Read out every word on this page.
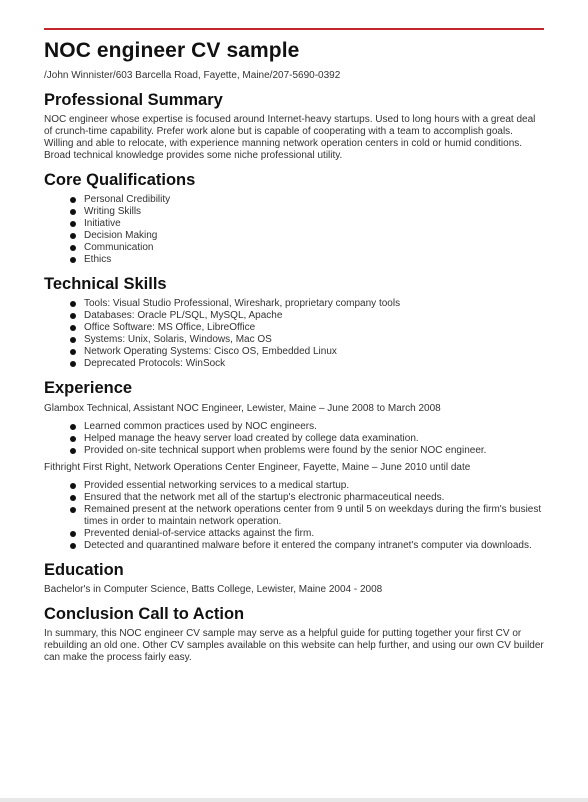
NOC engineer CV sample
/John Winnister/603 Barcella Road, Fayette, Maine/207-5690-0392
Professional Summary

NOC engineer whose expertise is focused around Internet-heavy startups. Used to long hours with a great deal of crunch-time capability. Prefer work alone but is capable of cooperating with a team to accomplish goals. Willing and able to relocate, with experience manning network operation centers in cold or humid conditions. Broad technical knowledge provides some niche professional utility.

Core Qualifications
Personal Credibility
Writing Skills
Initiative
Decision Making
Communication
Ethics
Technical Skills
Tools: Visual Studio Professional, Wireshark, proprietary company tools
Databases: Oracle PL/SQL, MySQL, Apache
Office Software: MS Office, LibreOffice
Systems: Unix, Solaris, Windows, Mac OS
Network Operating Systems: Cisco OS, Embedded Linux
Deprecated Protocols: WinSock
Experience
Glambox Technical, Assistant NOC Engineer, Lewister, Maine – June 2008 to March 2008
Learned common practices used by NOC engineers.
Helped manage the heavy server load created by college data examination.
Provided on-site technical support when problems were found by the senior NOC engineer.
Fithright First Right, Network Operations Center Engineer, Fayette, Maine – June 2010 until date
Provided essential networking services to a medical startup.
Ensured that the network met all of the startup's electronic pharmaceutical needs.
Remained present at the network operations center from 9 until 5 on weekdays during the firm's busiest times in order to maintain network operation.
Prevented denial-of-service attacks against the firm.
Detected and quarantined malware before it entered the company intranet's computer via downloads.
Education

Bachelor's in Computer Science, Batts College, Lewister, Maine 2004 - 2008

Conclusion Call to Action

In summary, this NOC engineer CV sample may serve as a helpful guide for putting together your first CV or rebuilding an old one. Other CV samples available on this website can help further, and using our own CV builder can make the process fairly easy.
